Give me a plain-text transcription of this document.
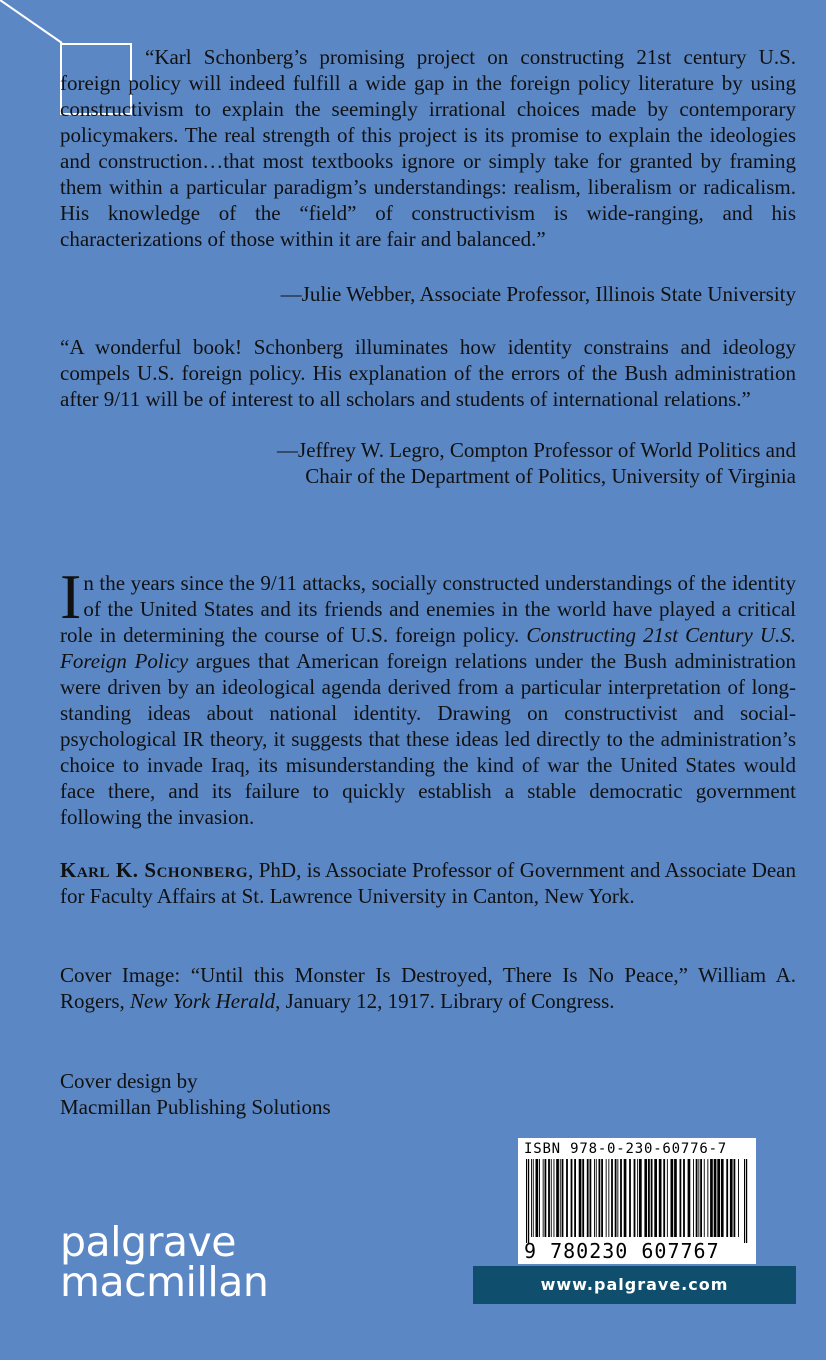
“Karl Schonberg’s promising project on constructing 21st century U.S. foreign policy will indeed fulfill a wide gap in the foreign policy literature by using constructivism to explain the seemingly irrational choices made by contemporary policymakers. The real strength of this project is its promise to explain the ideologies and construction…that most textbooks ignore or simply take for granted by framing them within a particular paradigm’s understandings: realism, liberalism or radicalism. His knowledge of the “field” of constructivism is wide-ranging, and his characterizations of those within it are fair and balanced.”
—Julie Webber, Associate Professor, Illinois State University
“A wonderful book! Schonberg illuminates how identity constrains and ideology compels U.S. foreign policy. His explanation of the errors of the Bush administration after 9/11 will be of interest to all scholars and students of international relations.”
—Jeffrey W. Legro, Compton Professor of World Politics and
Chair of the Department of Politics, University of Virginia
In the years since the 9/11 attacks, socially constructed understandings of the identity of the United States and its friends and enemies in the world have played a critical role in determining the course of U.S. foreign policy. Constructing 21st Century U.S. Foreign Policy argues that American foreign relations under the Bush administration were driven by an ideological agenda derived from a particular interpretation of long-standing ideas about national identity. Drawing on constructivist and social-psychological IR theory, it suggests that these ideas led directly to the administration’s choice to invade Iraq, its misunderstanding the kind of war the United States would face there, and its failure to quickly establish a stable democratic government following the invasion.
Karl K. Schonberg, PhD, is Associate Professor of Government and Associate Dean for Faculty Affairs at St. Lawrence University in Canton, New York.
Cover Image: “Until this Monster Is Destroyed, There Is No Peace,” William A. Rogers, New York Herald, January 12, 1917. Library of Congress.
Cover design by
Macmillan Publishing Solutions
palgrave
macmillan
ISBN 978-0-230-60776-7
9 780230 607767
www.palgrave.com
